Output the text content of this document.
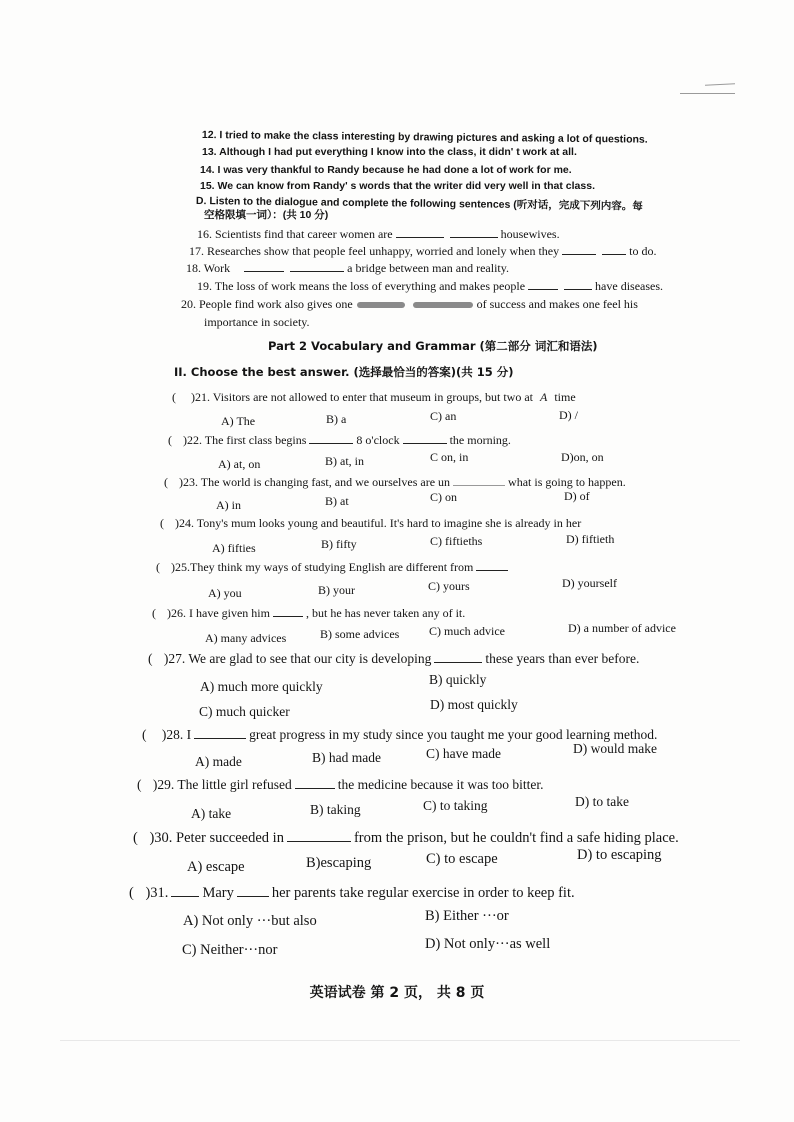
12. I tried to make the class interesting by drawing pictures and asking a lot of questions.
13. Although I had put everything I know into the class, it didn' t work at all.
14. I was very thankful to Randy because he had done a lot of work for me.
15. We can know from Randy' s words that the writer did very well in that class.
D. Listen to the dialogue and complete the following sentences (听对话，完成下列内容。每
空格限填一词）：(共 10 分)
16. Scientists find that career women are	housewives.
17. Researches show that people feel unhappy, worried and lonely when they	to do.
18. Work	a bridge between man and reality.
19. The loss of work means the loss of everything and makes people	have diseases.
20. People find work also gives one	of success and makes one feel his
importance in society.
Part 2 Vocabulary and Grammar (第二部分 词汇和语法)
II. Choose the best answer. (选择最恰当的答案)(共 15 分)
( )21. Visitors are not allowed to enter that museum in groups, but two at A time
A) The	B) a	C) an	D) /
( )22. The first class begins	8 o'clock	the morning.
A) at, on	B) at, in	C on, in	D)on, on
( )23. The world is changing fast, and we ourselves are un	what is going to happen.
A) in	B) at	C) on	D) of
( )24. Tony's mum looks young and beautiful. It's hard to imagine she is already in her
A) fifties	B) fifty	C) fiftieths	D) fiftieth
( )25.They think my ways of studying English are different from
A) you	B) your	C) yours	D) yourself
( )26. I have given him	, but he has never taken any of it.
A) many advices	B) some advices C) much advice	D) a number of advice
( )27. We are glad to see that our city is developing	these years than ever before.
A) much more quickly	B) quickly
C) much quicker	D) most quickly
( )28. I	great progress in my study since you taught me your good learning method.
A) made	B) had made	C) have made	D) would make
( )29. The little girl refused	the medicine because it was too bitter.
A) take	B) taking	C) to taking	D) to take
( )30. Peter succeeded in	from the prison, but he couldn't find a safe hiding place.
A) escape	B)escaping	C) to escape	D) to escaping
( )31. Mary	her parents take regular exercise in order to keep fit.
A) Not only ···but also	B) Either ···or
C) Neither···nor	D) Not only···as well
英语试卷 第 2 页， 共 8 页
